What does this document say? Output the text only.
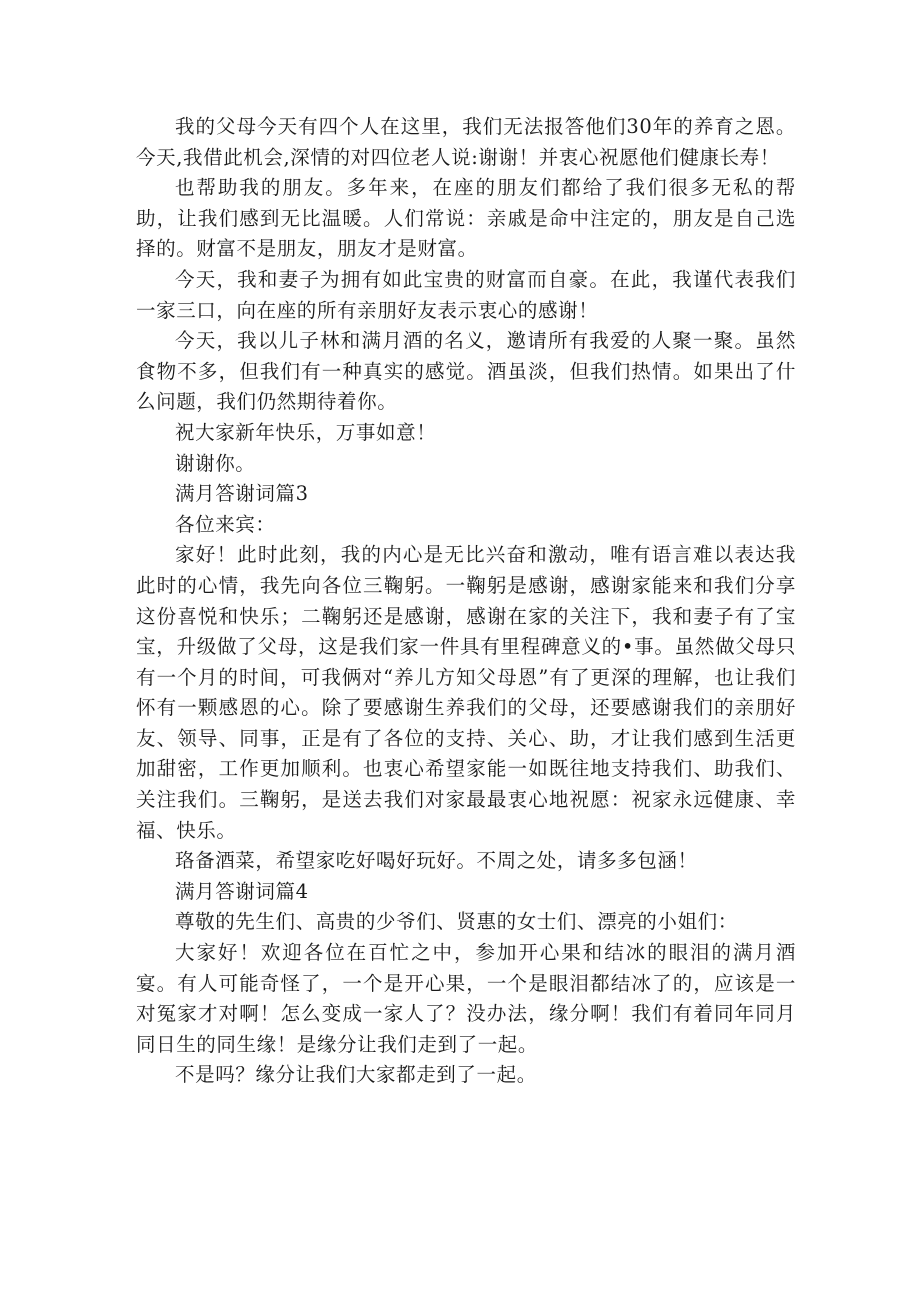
我的父母今天有四个人在这里，我们无法报答他们30年的养育之恩。今天,我借此机会,深情的对四位老人说:谢谢！并衷心祝愿他们健康长寿！

也帮助我的朋友。多年来，在座的朋友们都给了我们很多无私的帮助，让我们感到无比温暖。人们常说：亲戚是命中注定的，朋友是自己选择的。财富不是朋友，朋友才是财富。

今天，我和妻子为拥有如此宝贵的财富而自豪。在此，我谨代表我们一家三口，向在座的所有亲朋好友表示衷心的感谢！

今天，我以儿子林和满月酒的名义，邀请所有我爱的人聚一聚。虽然食物不多，但我们有一种真实的感觉。酒虽淡，但我们热情。如果出了什么问题，我们仍然期待着你。

祝大家新年快乐，万事如意！

谢谢你。

满月答谢词篇3

各位来宾：

家好！此时此刻，我的内心是无比兴奋和激动，唯有语言难以表达我此时的心情，我先向各位三鞠躬。一鞠躬是感谢，感谢家能来和我们分享这份喜悦和快乐；二鞠躬还是感谢，感谢在家的关注下，我和妻子有了宝宝，升级做了父母，这是我们家一件具有里程碑意义的•事。虽然做父母只有一个月的时间，可我俩对“养儿方知父母恩”有了更深的理解，也让我们怀有一颗感恩的心。除了要感谢生养我们的父母，还要感谢我们的亲朋好友、领导、同事，正是有了各位的支持、关心、助，才让我们感到生活更加甜密，工作更加顺利。也衷心希望家能一如既往地支持我们、助我们、关注我们。三鞠躬，是送去我们对家最最衷心地祝愿：祝家永远健康、幸福、快乐。

珞备酒菜，希望家吃好喝好玩好。不周之处，请多多包涵！

满月答谢词篇4

尊敬的先生们、高贵的少爷们、贤惠的女士们、漂亮的小姐们：

大家好！欢迎各位在百忙之中，参加开心果和结冰的眼泪的满月酒宴。有人可能奇怪了，一个是开心果，一个是眼泪都结冰了的，应该是一对冤家才对啊！怎么变成一家人了？没办法，缘分啊！我们有着同年同月同日生的同生缘！是缘分让我们走到了一起。

不是吗？缘分让我们大家都走到了一起。
